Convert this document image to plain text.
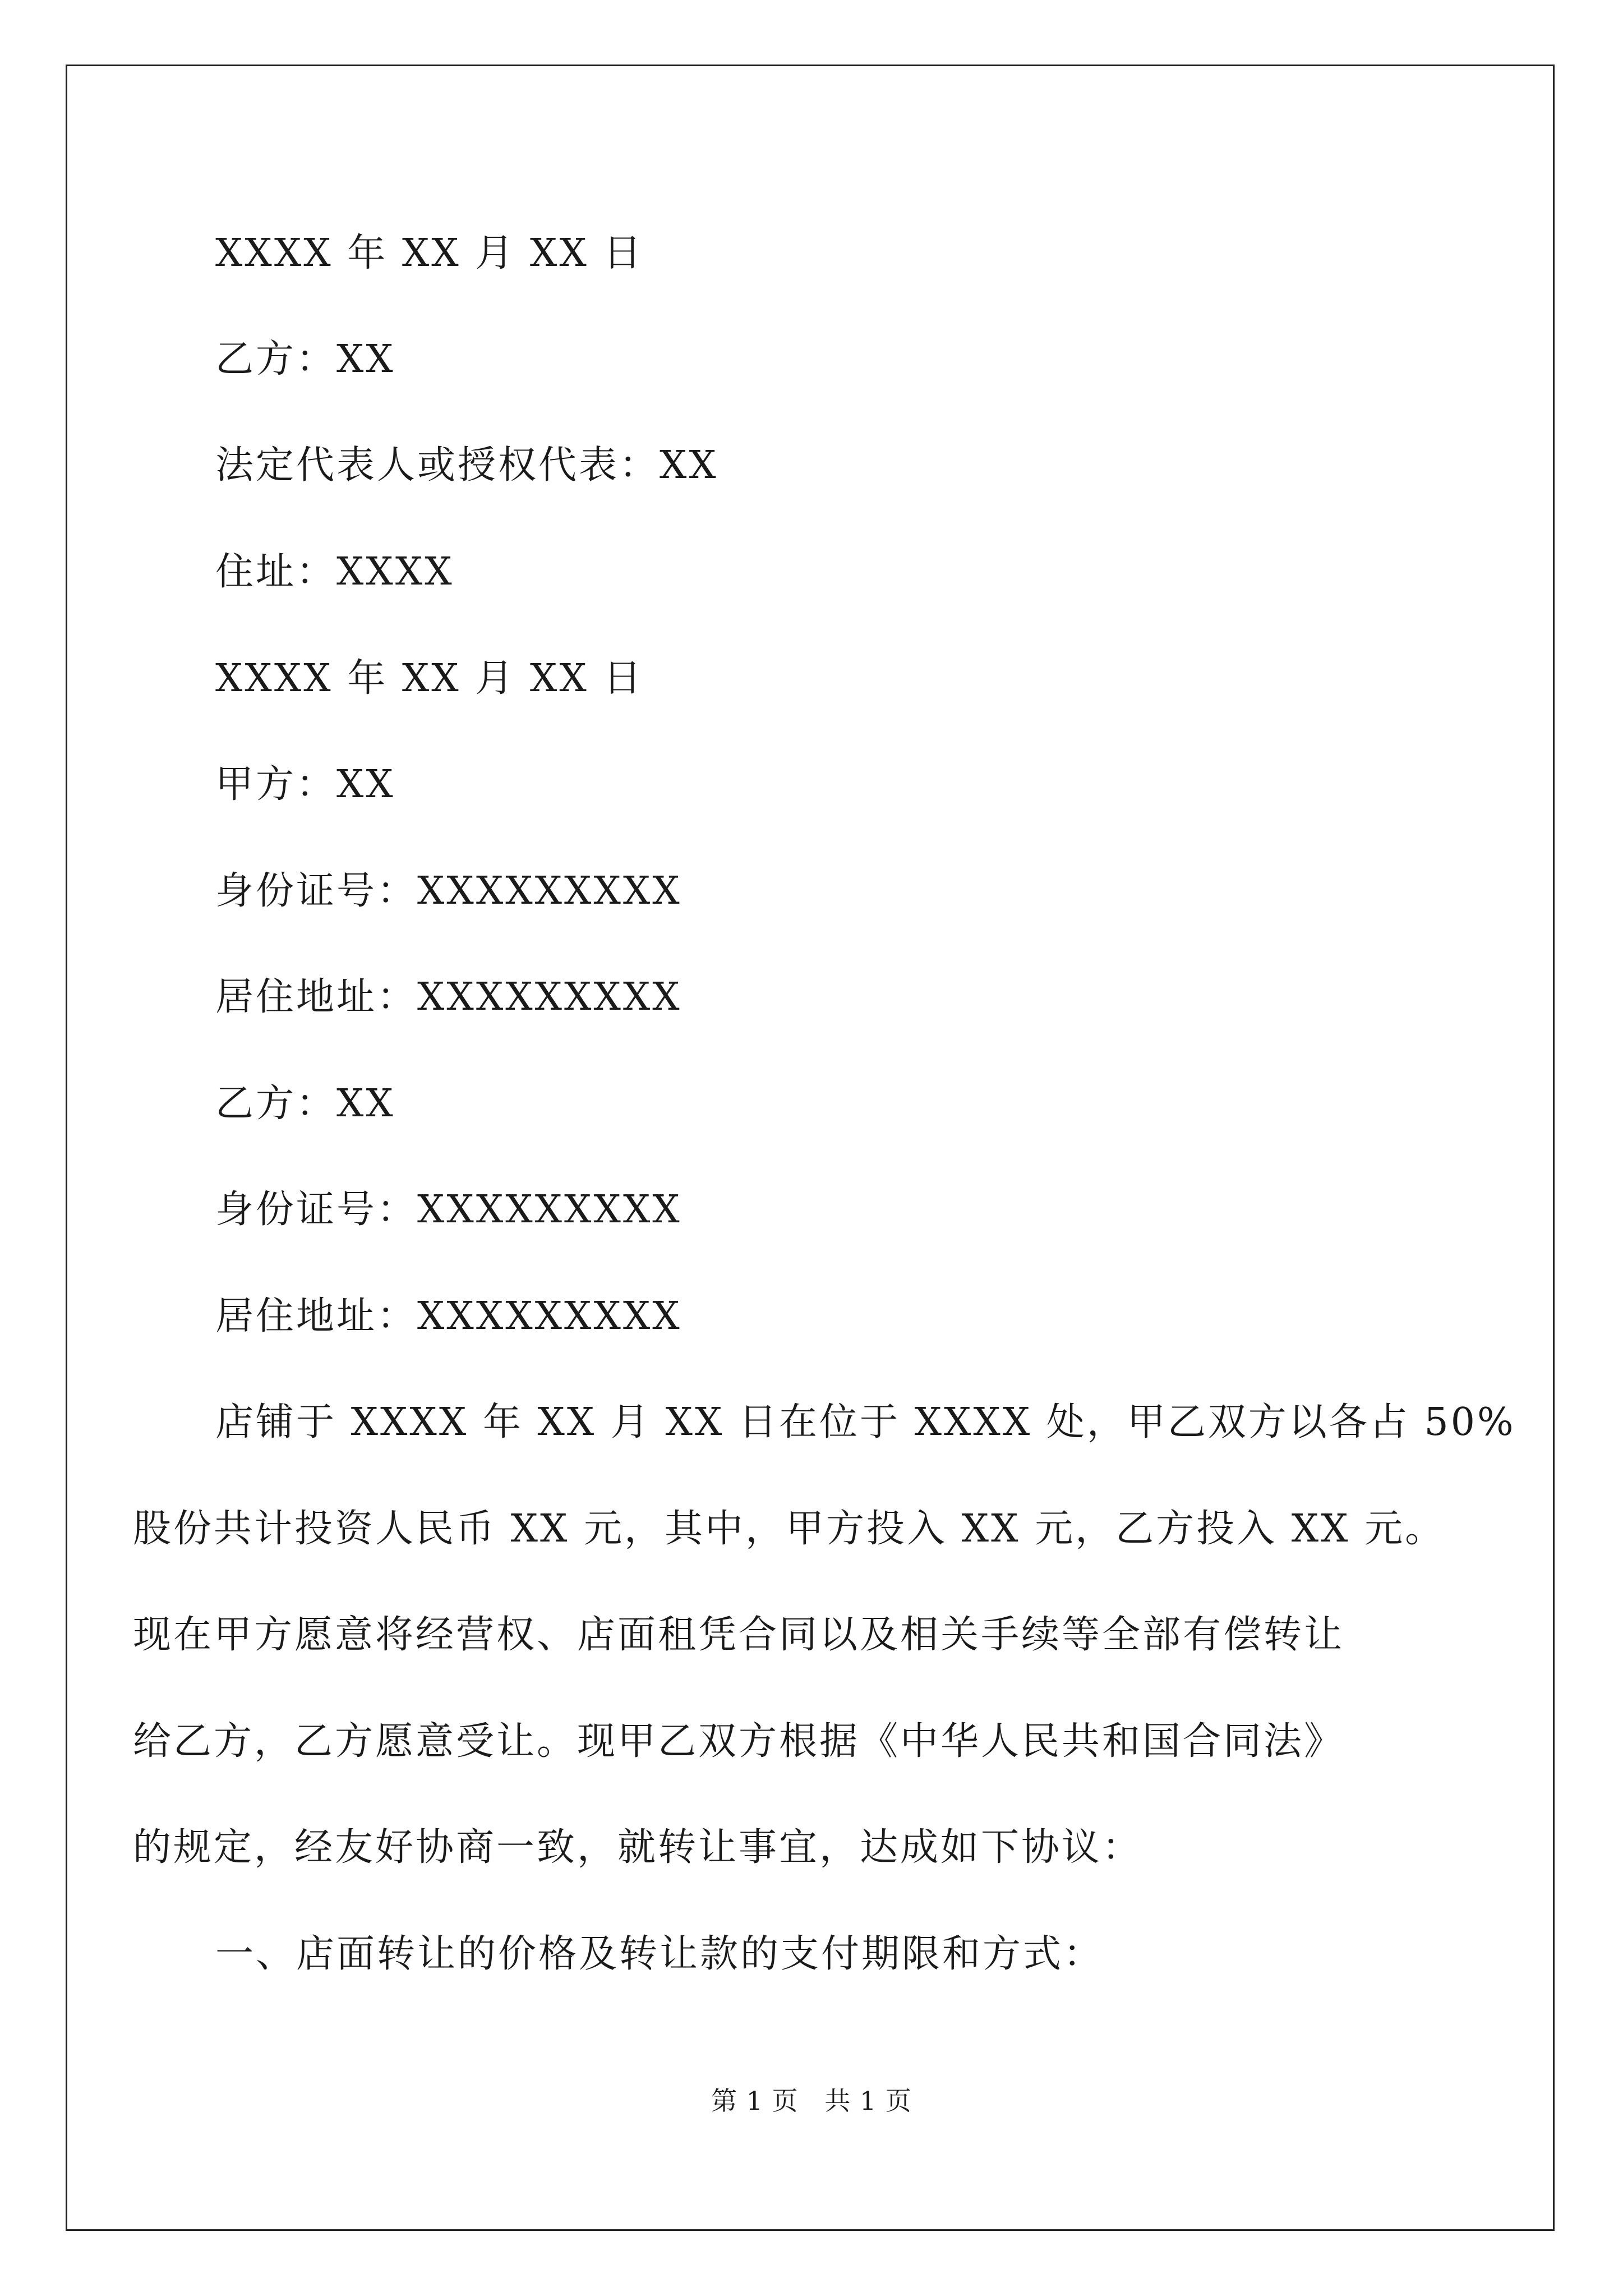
XXXX 年 XX 月 XX 日
乙方：XX
法定代表人或授权代表：XX
住址：XXXX
XXXX 年 XX 月 XX 日
甲方：XX
身份证号：XXXXXXXXX
居住地址：XXXXXXXXX
乙方：XX
身份证号：XXXXXXXXX
居住地址：XXXXXXXXX
店铺于 XXXX 年 XX 月 XX 日在位于 XXXX 处，甲乙双方以各占 50%
股份共计投资人民币 XX 元，其中，甲方投入 XX 元，乙方投入 XX 元。
现在甲方愿意将经营权、店面租凭合同以及相关手续等全部有偿转让
给乙方，乙方愿意受让。现甲乙双方根据《中华人民共和国合同法》
的规定，经友好协商一致，就转让事宜，达成如下协议：
一、店面转让的价格及转让款的支付期限和方式：
第 1 页   共 1 页
